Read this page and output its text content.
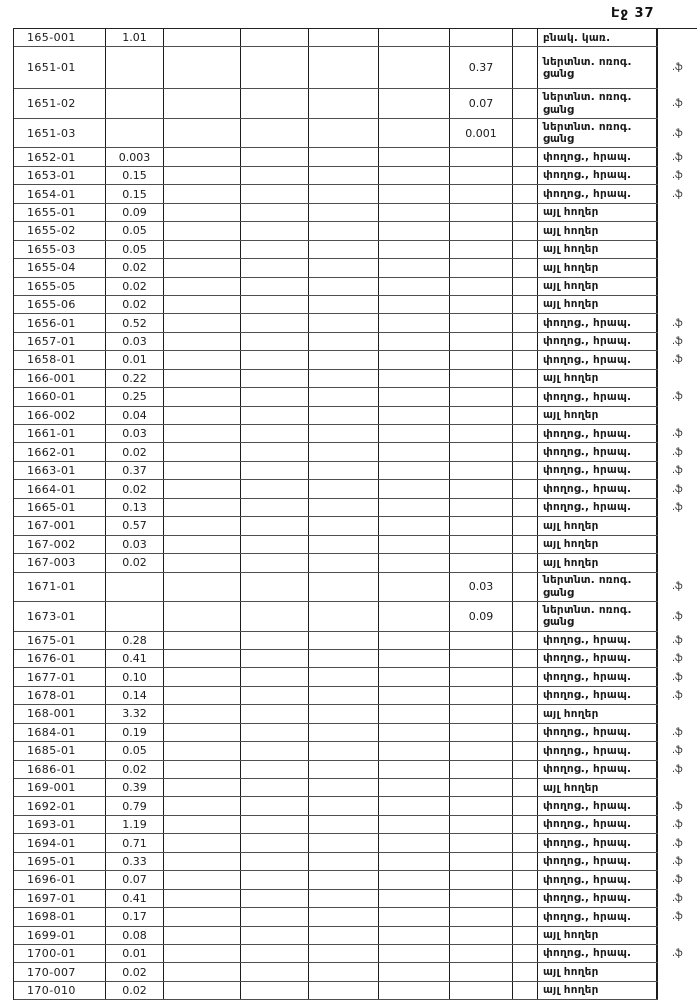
Էջ 37
165-001	1.01	բնակ. կառ.
1651-01	0.37	ներտնտ. ոռոգ. ցանց	.ֆ
1651-02	0.07	ներտնտ. ոռոգ. ցանց	.ֆ
1651-03	0.001	ներտնտ. ոռոգ. ցանց	.ֆ
1652-01	0.003	փողոց., հրապ.	.ֆ
1653-01	0.15	փողոց., հրապ.	.ֆ
1654-01	0.15	փողոց., հրապ.	.ֆ
1655-01	0.09	այլ հողեր
1655-02	0.05	այլ հողեր
1655-03	0.05	այլ հողեր
1655-04	0.02	այլ հողեր
1655-05	0.02	այլ հողեր
1655-06	0.02	այլ հողեր
1656-01	0.52	փողոց., հրապ.	.ֆ
1657-01	0.03	փողոց., հրապ.	.ֆ
1658-01	0.01	փողոց., հրապ.	.ֆ
166-001	0.22	այլ հողեր
1660-01	0.25	փողոց., հրապ.	.ֆ
166-002	0.04	այլ հողեր
1661-01	0.03	փողոց., հրապ.	.ֆ
1662-01	0.02	փողոց., հրապ.	.ֆ
1663-01	0.37	փողոց., հրապ.	.ֆ
1664-01	0.02	փողոց., հրապ.	.ֆ
1665-01	0.13	փողոց., հրապ.	.ֆ
167-001	0.57	այլ հողեր
167-002	0.03	այլ հողեր
167-003	0.02	այլ հողեր
1671-01	0.03	ներտնտ. ոռոգ. ցանց	.ֆ
1673-01	0.09	ներտնտ. ոռոգ. ցանց	.ֆ
1675-01	0.28	փողոց., հրապ.	.ֆ
1676-01	0.41	փողոց., հրապ.	.ֆ
1677-01	0.10	փողոց., հրապ.	.ֆ
1678-01	0.14	փողոց., հրապ.	.ֆ
168-001	3.32	այլ հողեր
1684-01	0.19	փողոց., հրապ.	.ֆ
1685-01	0.05	փողոց., հրապ.	.ֆ
1686-01	0.02	փողոց., հրապ.	.ֆ
169-001	0.39	այլ հողեր
1692-01	0.79	փողոց., հրապ.	.ֆ
1693-01	1.19	փողոց., հրապ.	.ֆ
1694-01	0.71	փողոց., հրապ.	.ֆ
1695-01	0.33	փողոց., հրապ.	.ֆ
1696-01	0.07	փողոց., հրապ.	.ֆ
1697-01	0.41	փողոց., հրապ.	.ֆ
1698-01	0.17	փողոց., հրապ.	.ֆ
1699-01	0.08	այլ հողեր
1700-01	0.01	փողոց., հրապ.	.ֆ
170-007	0.02	այլ հողեր
170-010	0.02	այլ հողեր
